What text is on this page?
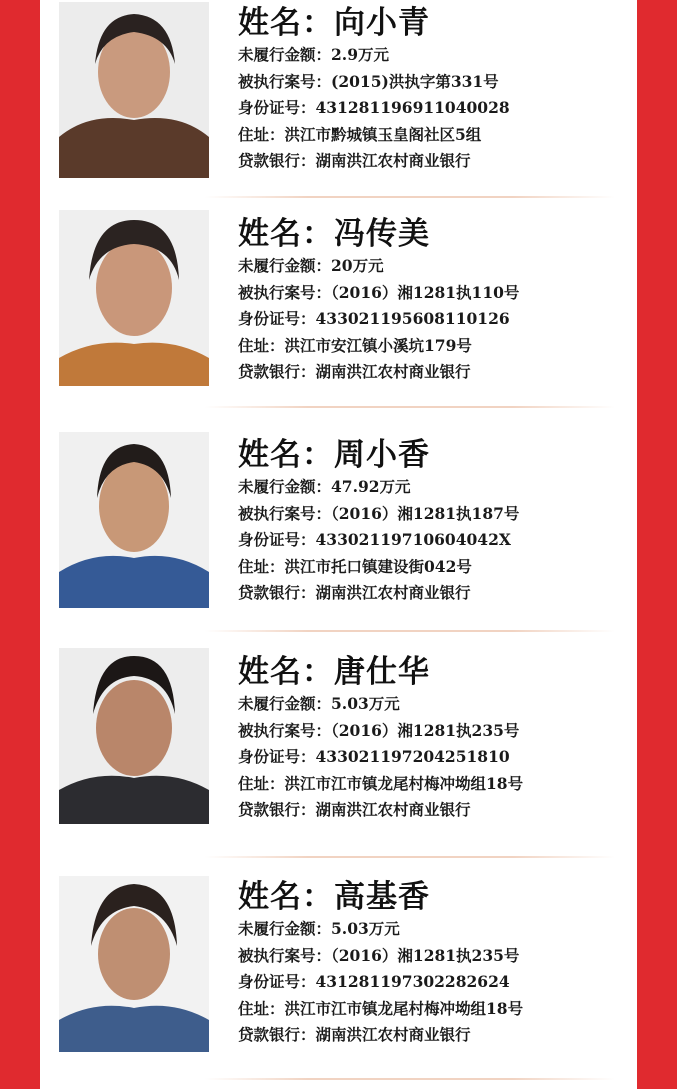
姓名：向小青
未履行金额：2.9万元
被执行案号：(2015)洪执字第331号
身份证号：431281196911040028
住址：洪江市黔城镇玉皇阁社区5组
贷款银行：湖南洪江农村商业银行
姓名：冯传美
未履行金额：20万元
被执行案号：（2016）湘1281执110号
身份证号：433021195608110126
住址：洪江市安江镇小溪坑179号
贷款银行：湖南洪江农村商业银行
姓名：周小香
未履行金额：47.92万元
被执行案号：（2016）湘1281执187号
身份证号：43302119710604042X
住址：洪江市托口镇建设街042号
贷款银行：湖南洪江农村商业银行
姓名：唐仕华
未履行金额：5.03万元
被执行案号：（2016）湘1281执235号
身份证号：433021197204251810
住址：洪江市江市镇龙尾村梅冲坳组18号
贷款银行：湖南洪江农村商业银行
姓名：高基香
未履行金额：5.03万元
被执行案号：（2016）湘1281执235号
身份证号：431281197302282624
住址：洪江市江市镇龙尾村梅冲坳组18号
贷款银行：湖南洪江农村商业银行
